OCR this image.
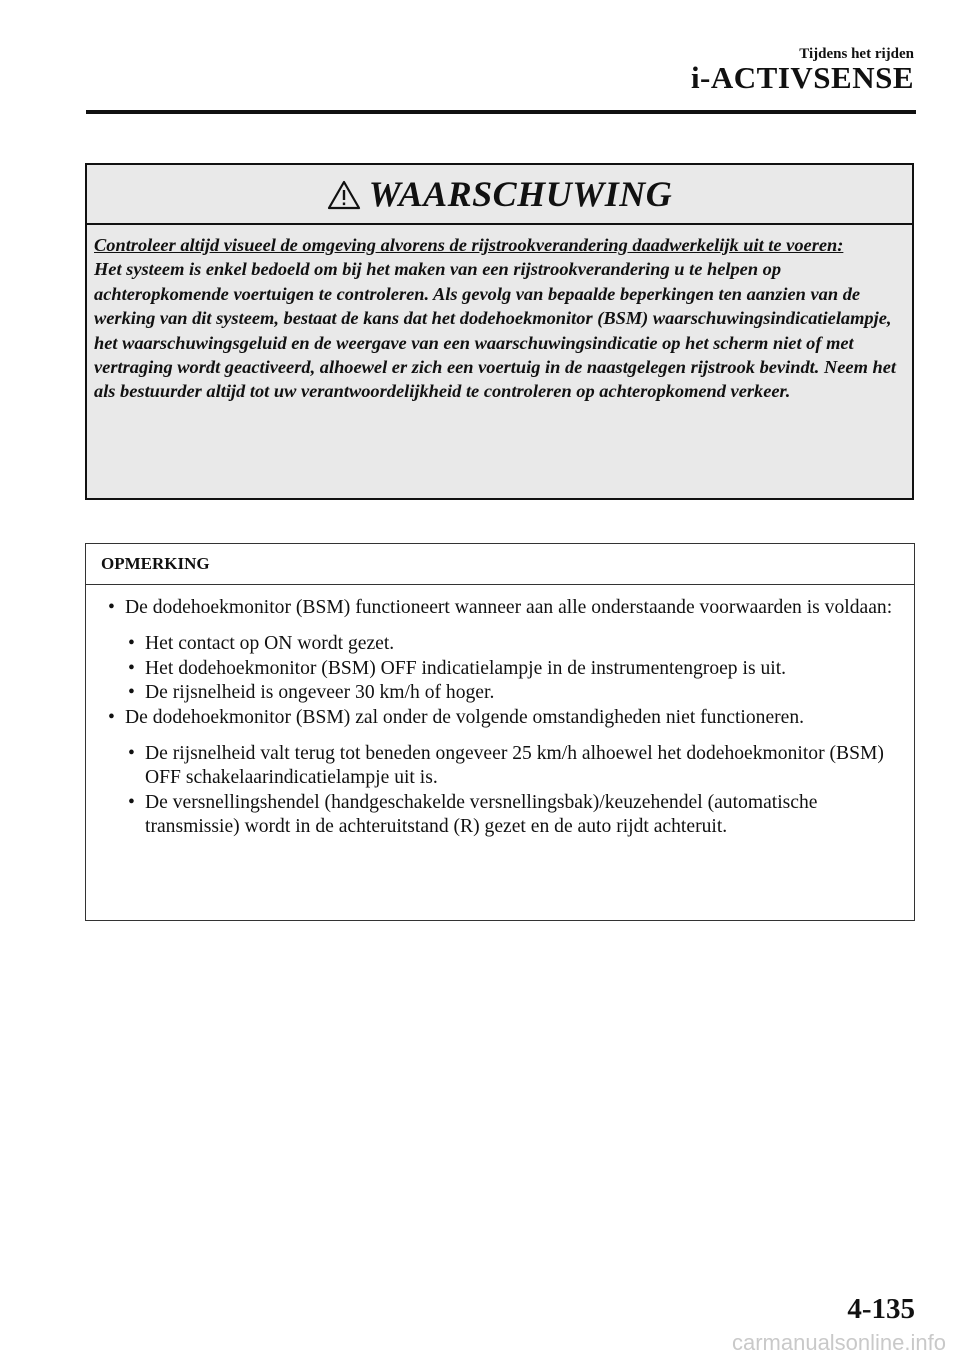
Tijdens het rijden
i-ACTIVSENSE
WAARSCHUWING
Controleer altijd visueel de omgeving alvorens de rijstrookverandering daadwerkelijk uit te voeren:
Het systeem is enkel bedoeld om bij het maken van een rijstrookverandering u te helpen op achteropkomende voertuigen te controleren. Als gevolg van bepaalde beperkingen ten aanzien van de werking van dit systeem, bestaat de kans dat het dodehoekmonitor (BSM) waarschuwingsindicatielampje, het waarschuwingsgeluid en de weergave van een waarschuwingsindicatie op het scherm niet of met vertraging wordt geactiveerd, alhoewel er zich een voertuig in de naastgelegen rijstrook bevindt. Neem het als bestuurder altijd tot uw verantwoordelijkheid te controleren op achteropkomend verkeer.
OPMERKING
• De dodehoekmonitor (BSM) functioneert wanneer aan alle onderstaande voorwaarden is voldaan:
• Het contact op ON wordt gezet.
• Het dodehoekmonitor (BSM) OFF indicatielampje in de instrumentengroep is uit.
• De rijsnelheid is ongeveer 30 km/h of hoger.
• De dodehoekmonitor (BSM) zal onder de volgende omstandigheden niet functioneren.
• De rijsnelheid valt terug tot beneden ongeveer 25 km/h alhoewel het dodehoekmonitor (BSM) OFF schakelaarindicatielampje uit is.
• De versnellingshendel (handgeschakelde versnellingsbak)/keuzehendel (automatische transmissie) wordt in de achteruitstand (R) gezet en de auto rijdt achteruit.
4-135
carmanualsonline.info
